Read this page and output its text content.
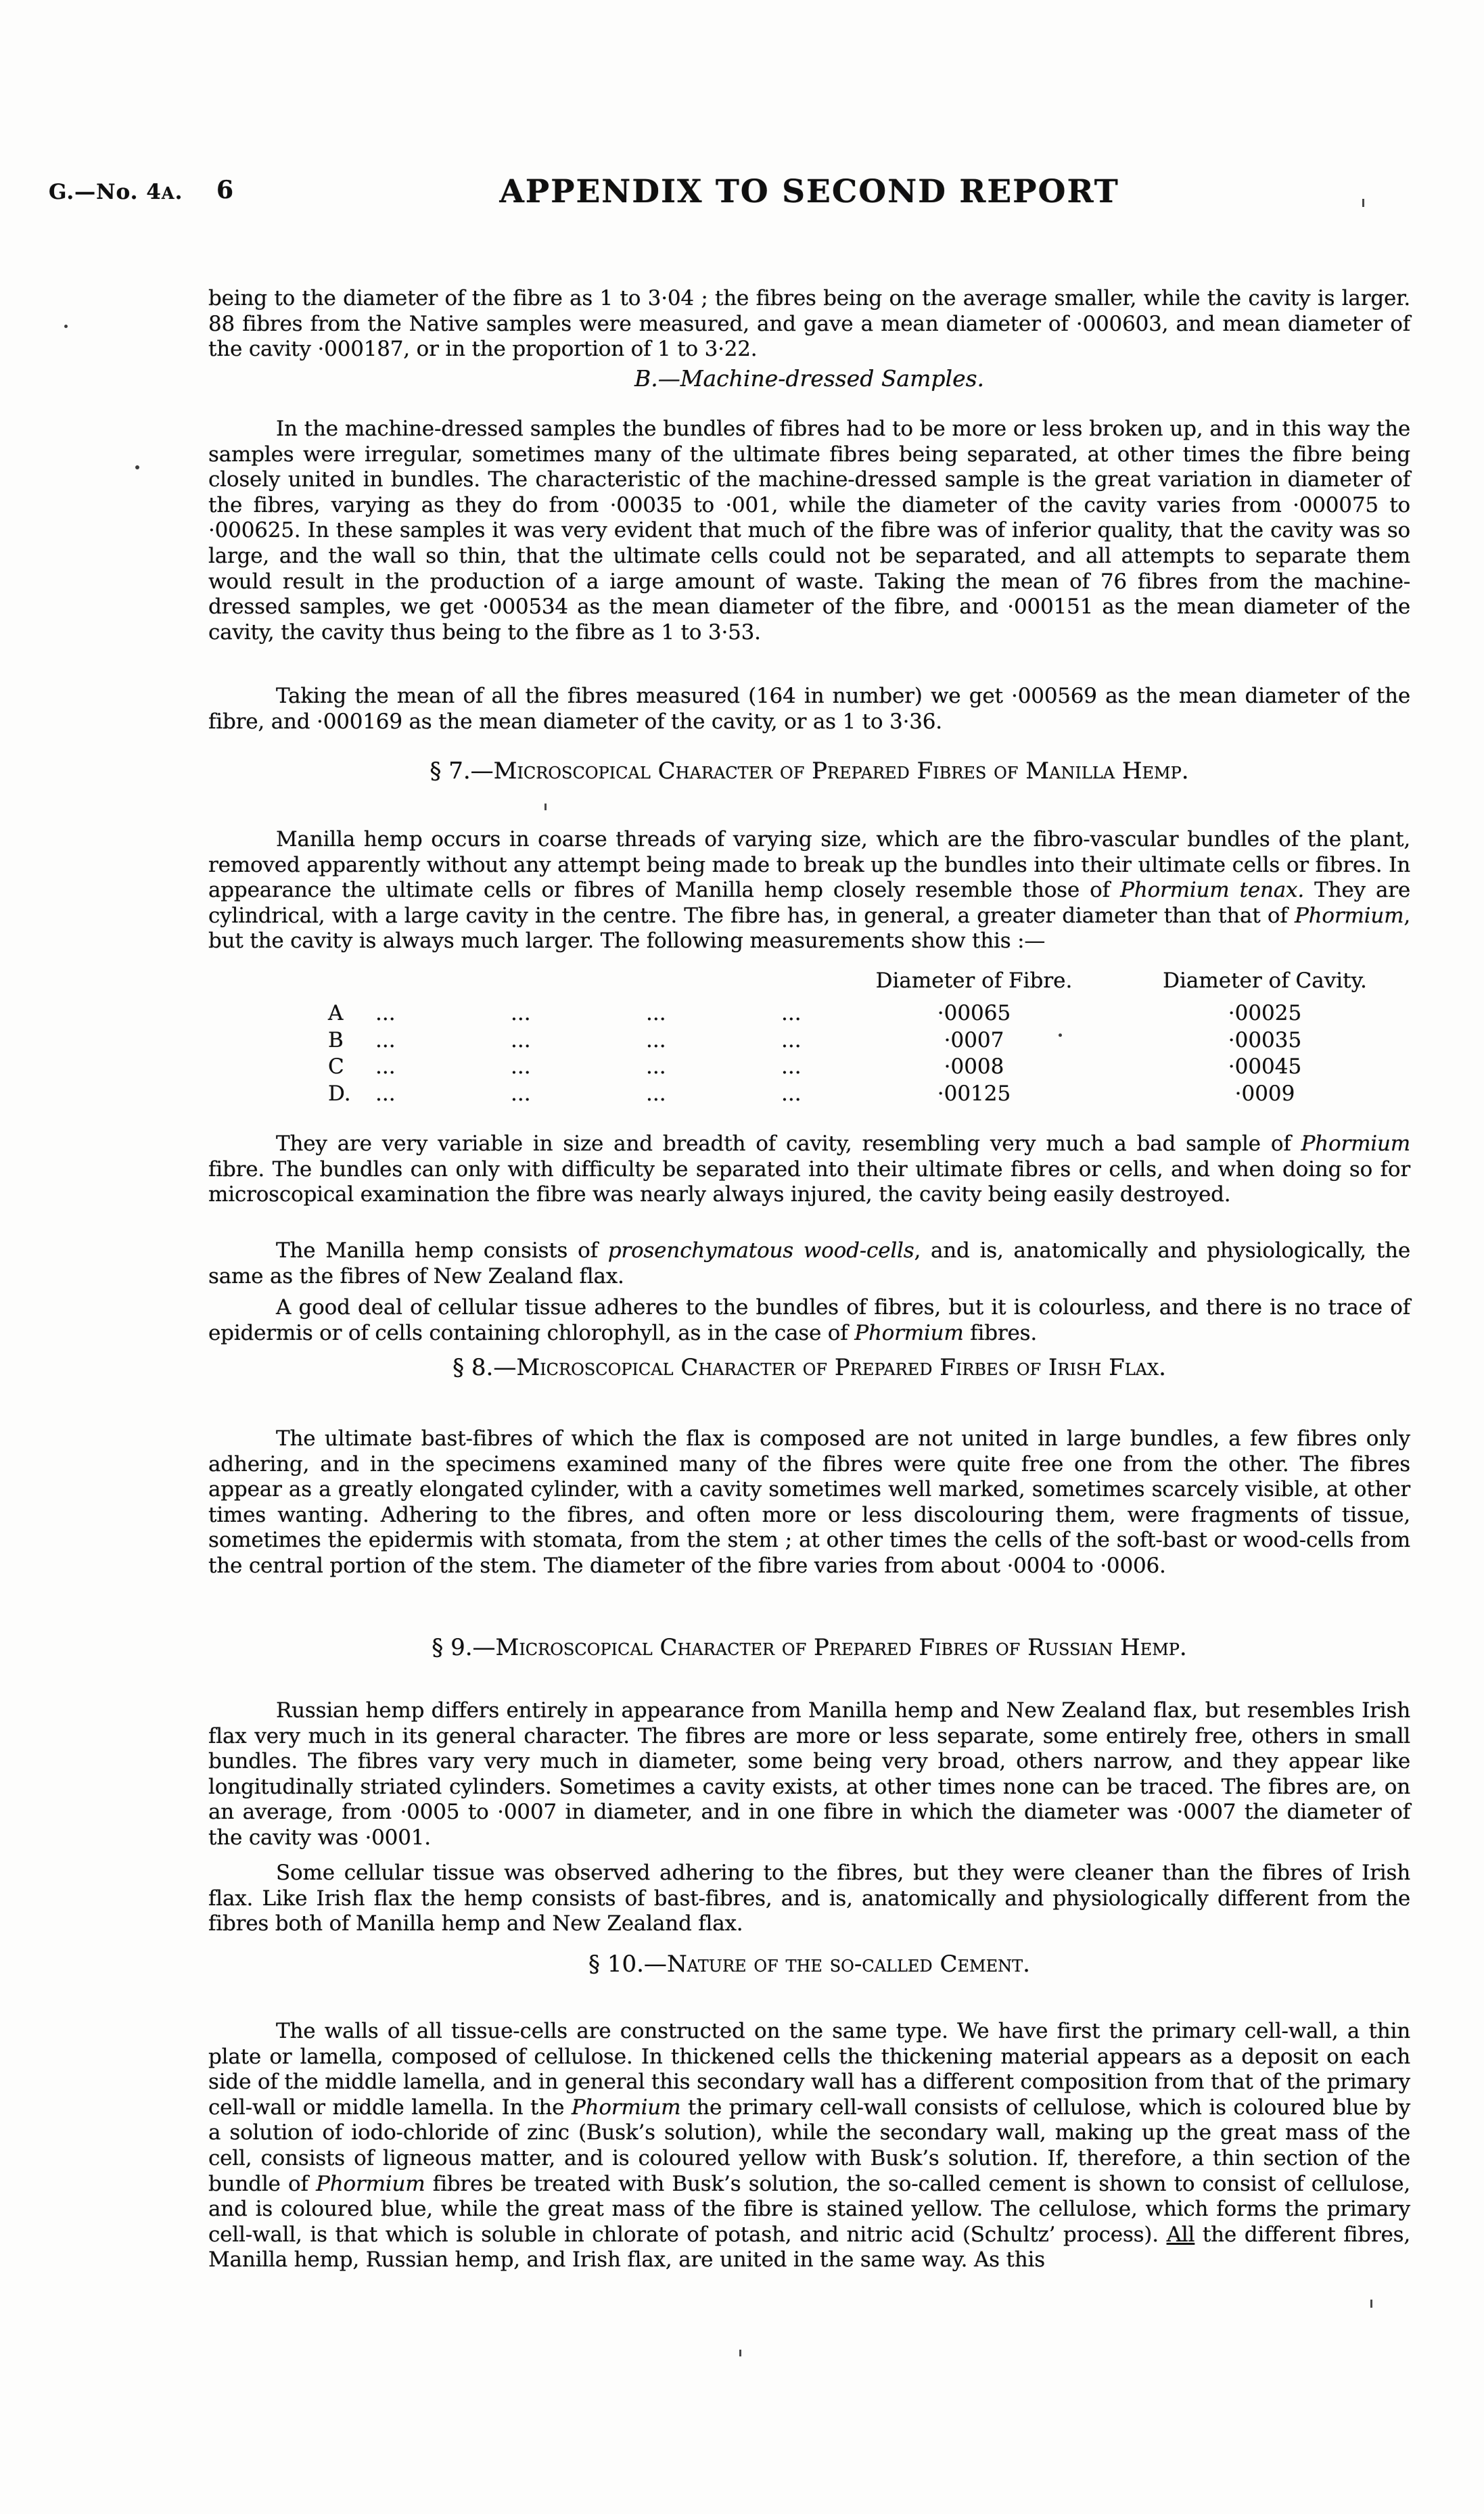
G.—No. 4A. 6	APPENDIX TO SECOND REPORT

being to the diameter of the fibre as 1 to 3·04 ; the fibres being on the average smaller, while the cavity is larger. 88 fibres from the Native samples were measured, and gave a mean diameter of ·000603, and mean diameter of the cavity ·000187, or in the proportion of 1 to 3·22.

B.—Machine-dressed Samples.

In the machine-dressed samples the bundles of fibres had to be more or less broken up, and in this way the samples were irregular, sometimes many of the ultimate fibres being separated, at other times the fibre being closely united in bundles. The characteristic of the machine-dressed sample is the great variation in diameter of the fibres, varying as they do from ·00035 to ·001, while the diameter of the cavity varies from ·000075 to ·000625. In these samples it was very evident that much of the fibre was of inferior quality, that the cavity was so large, and the wall so thin, that the ultimate cells could not be separated, and all attempts to separate them would result in the production of a iarge amount of waste. Taking the mean of 76 fibres from the machine-dressed samples, we get ·000534 as the mean diameter of the fibre, and ·000151 as the mean diameter of the cavity, the cavity thus being to the fibre as 1 to 3·53.

Taking the mean of all the fibres measured (164 in number) we get ·000569 as the mean diameter of the fibre, and ·000169 as the mean diameter of the cavity, or as 1 to 3·36.

§ 7.—Microscopical Character of Prepared Fibres of Manilla Hemp.

Manilla hemp occurs in coarse threads of varying size, which are the fibro-vascular bundles of the plant, removed apparently without any attempt being made to break up the bundles into their ultimate cells or fibres. In appearance the ultimate cells or fibres of Manilla hemp closely resemble those of Phormium tenax. They are cylindrical, with a large cavity in the centre. The fibre has, in general, a greater diameter than that of Phormium, but the cavity is always much larger. The following measurements show this :—

Diameter of Fibre.	Diameter of Cavity.
A	...	...	...	...	·00065	·00025
B	...	...	...	...	·0007	·00035
C	...	...	...	...	·0008	·00045
D.	...	...	...	...	·00125	·0009

They are very variable in size and breadth of cavity, resembling very much a bad sample of Phormium fibre. The bundles can only with difficulty be separated into their ultimate fibres or cells, and when doing so for microscopical examination the fibre was nearly always injured, the cavity being easily destroyed.

The Manilla hemp consists of prosenchymatous wood-cells, and is, anatomically and physiologically, the same as the fibres of New Zealand flax.

A good deal of cellular tissue adheres to the bundles of fibres, but it is colourless, and there is no trace of epidermis or of cells containing chlorophyll, as in the case of Phormium fibres.

§ 8.—Microscopical Character of Prepared Firbes of Irish Flax.

The ultimate bast-fibres of which the flax is composed are not united in large bundles, a few fibres only adhering, and in the specimens examined many of the fibres were quite free one from the other. The fibres appear as a greatly elongated cylinder, with a cavity sometimes well marked, sometimes scarcely visible, at other times wanting. Adhering to the fibres, and often more or less discolouring them, were fragments of tissue, sometimes the epidermis with stomata, from the stem ; at other times the cells of the soft-bast or wood-cells from the central portion of the stem. The diameter of the fibre varies from about ·0004 to ·0006.

§ 9.—Microscopical Character of Prepared Fibres of Russian Hemp.

Russian hemp differs entirely in appearance from Manilla hemp and New Zealand flax, but resembles Irish flax very much in its general character. The fibres are more or less separate, some entirely free, others in small bundles. The fibres vary very much in diameter, some being very broad, others narrow, and they appear like longitudinally striated cylinders. Sometimes a cavity exists, at other times none can be traced. The fibres are, on an average, from ·0005 to ·0007 in diameter, and in one fibre in which the diameter was ·0007 the diameter of the cavity was ·0001.

Some cellular tissue was observed adhering to the fibres, but they were cleaner than the fibres of Irish flax. Like Irish flax the hemp consists of bast-fibres, and is, anatomically and physiologically different from the fibres both of Manilla hemp and New Zealand flax.

§ 10.—Nature of the so-called Cement.

The walls of all tissue-cells are constructed on the same type. We have first the primary cell-wall, a thin plate or lamella, composed of cellulose. In thickened cells the thickening material appears as a deposit on each side of the middle lamella, and in general this secondary wall has a different composition from that of the primary cell-wall or middle lamella. In the Phormium the primary cell-wall consists of cellulose, which is coloured blue by a solution of iodo-chloride of zinc (Busk’s solution), while the secondary wall, making up the great mass of the cell, consists of ligneous matter, and is coloured yellow with Busk’s solution. If, therefore, a thin section of the bundle of Phormium fibres be treated with Busk’s solution, the so-called cement is shown to consist of cellulose, and is coloured blue, while the great mass of the fibre is stained yellow. The cellulose, which forms the primary cell-wall, is that which is soluble in chlorate of potash, and nitric acid (Schultz’ process). All the different fibres, Manilla hemp, Russian hemp, and Irish flax, are united in the same way. As this
